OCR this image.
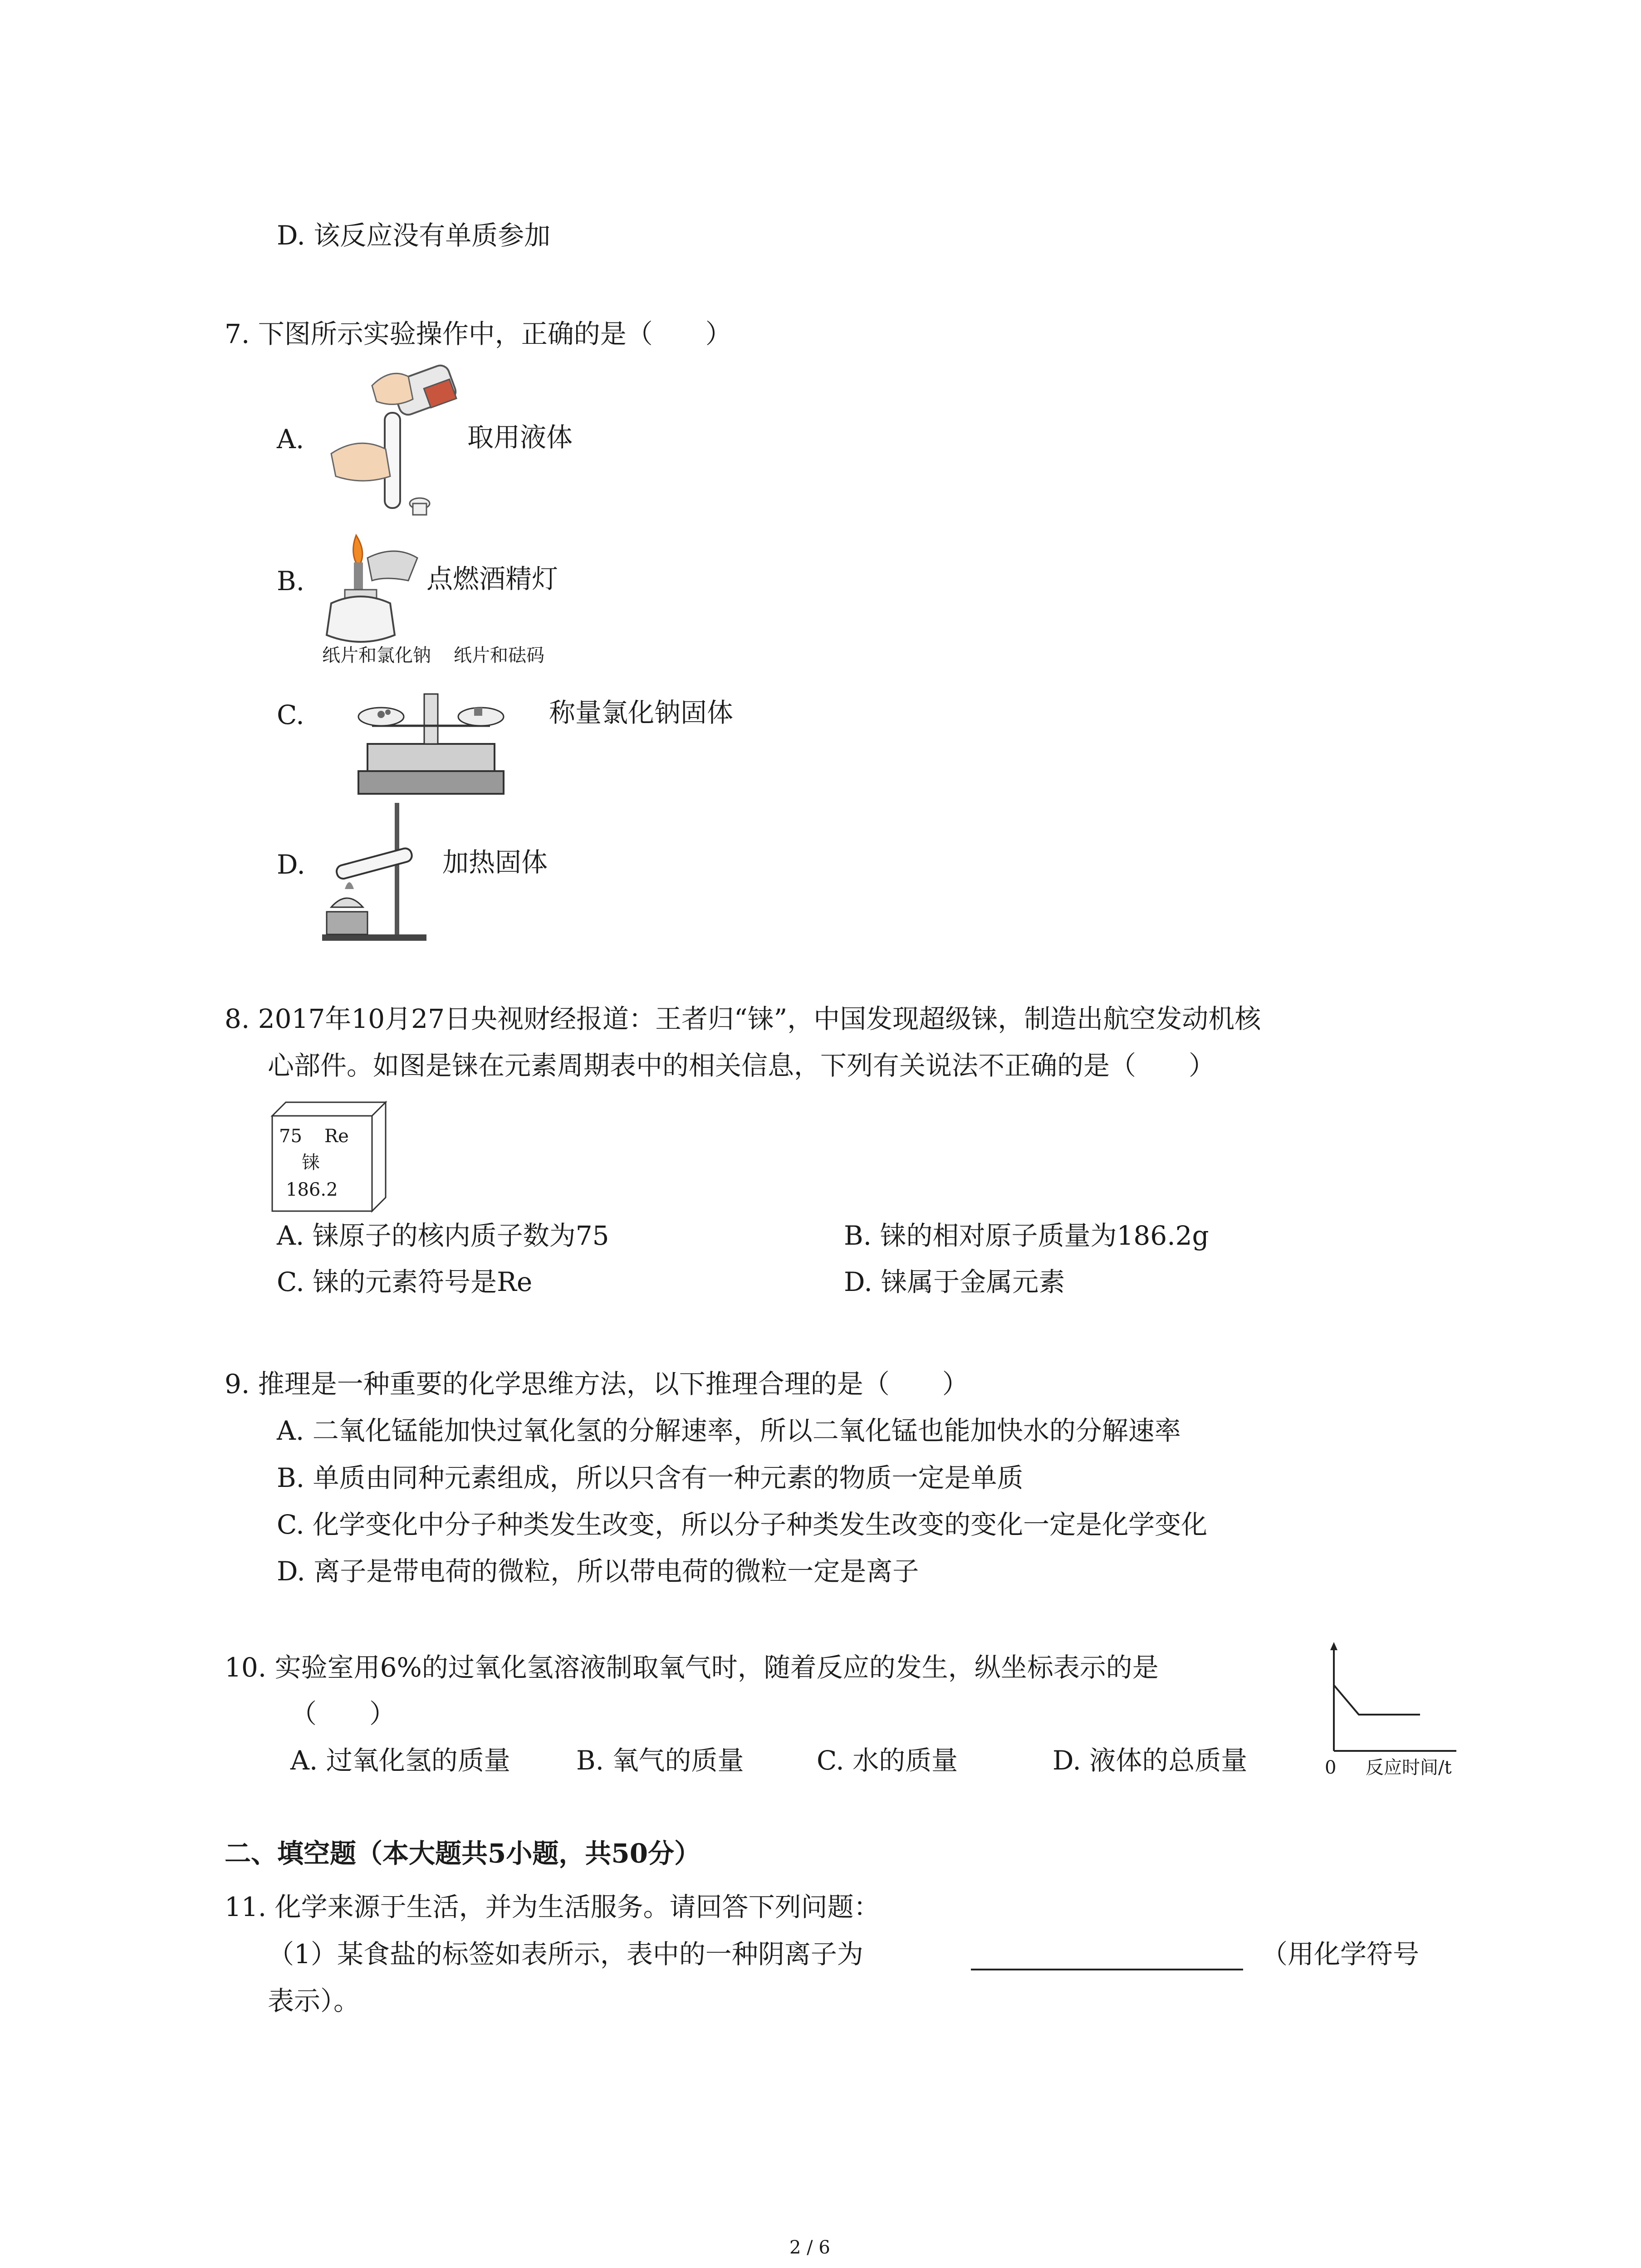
D. 该反应没有单质参加
7. 下图所示实验操作中，正确的是（　　）
A.	取用液体
B.	点燃酒精灯
纸片和氯化钠 纸片和砝码
C.	称量氯化钠固体
D.	加热固体
8. 2017年10月27日央视财经报道：王者归“铼”，中国发现超级铼，制造出航空发动机核
心部件。如图是铼在元素周期表中的相关信息，下列有关说法不正确的是（　　）
75 Re
铼
186.2
A. 铼原子的核内质子数为75	B. 铼的相对原子质量为186.2g
C. 铼的元素符号是Re	D. 铼属于金属元素
9. 推理是一种重要的化学思维方法，以下推理合理的是（　　）
A. 二氧化锰能加快过氧化氢的分解速率，所以二氧化锰也能加快水的分解速率
B. 单质由同种元素组成，所以只含有一种元素的物质一定是单质
C. 化学变化中分子种类发生改变，所以分子种类发生改变的变化一定是化学变化
D. 离子是带电荷的微粒，所以带电荷的微粒一定是离子
10. 实验室用6%的过氧化氢溶液制取氧气时，随着反应的发生，纵坐标表示的是
（　　）
A. 过氧化氢的质量	B. 氧气的质量	C. 水的质量	D. 液体的总质量	0 反应时间/t
二、填空题（本大题共5小题，共50分）
11. 化学来源于生活，并为生活服务。请回答下列问题：
（1）某食盐的标签如表所示，表中的一种阴离子为	（用化学符号
表示）。
2 / 6
